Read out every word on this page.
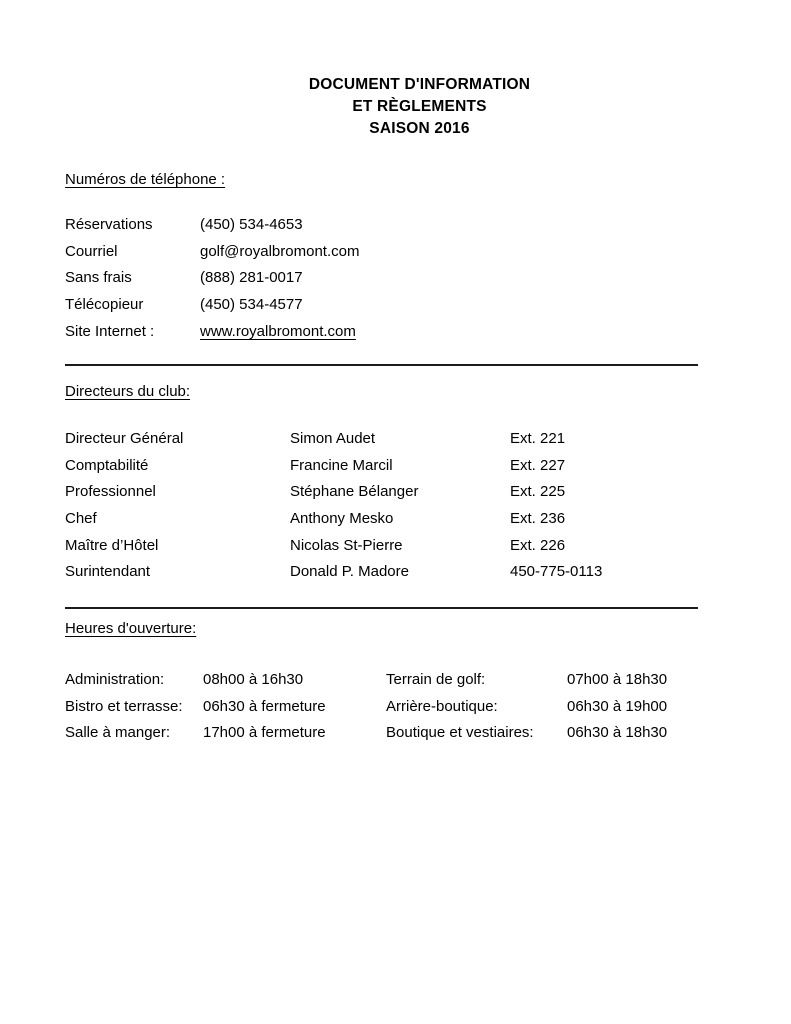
DOCUMENT D'INFORMATION
ET RÈGLEMENTS
SAISON 2016
Numéros de téléphone :
Réservations	(450) 534-4653
Courriel	golf@royalbromont.com
Sans frais	(888) 281-0017
Télécopieur	(450) 534-4577
Site Internet :	www.royalbromont.com
Directeurs du club:
Directeur Général	Simon Audet	Ext. 221
Comptabilité	Francine Marcil	Ext. 227
Professionnel	Stéphane Bélanger	Ext. 225
Chef	Anthony Mesko	Ext. 236
Maître d’Hôtel	Nicolas St-Pierre	Ext. 226
Surintendant	Donald P. Madore	450-775-0113
Heures d'ouverture:
Administration:	08h00 à 16h30	Terrain de golf:	07h00 à 18h30
Bistro et terrasse: 06h30 à fermeture	Arrière-boutique:	06h30 à 19h00
Salle à manger: 17h00 à fermeture	Boutique et vestiaires: 06h30 à 18h30
